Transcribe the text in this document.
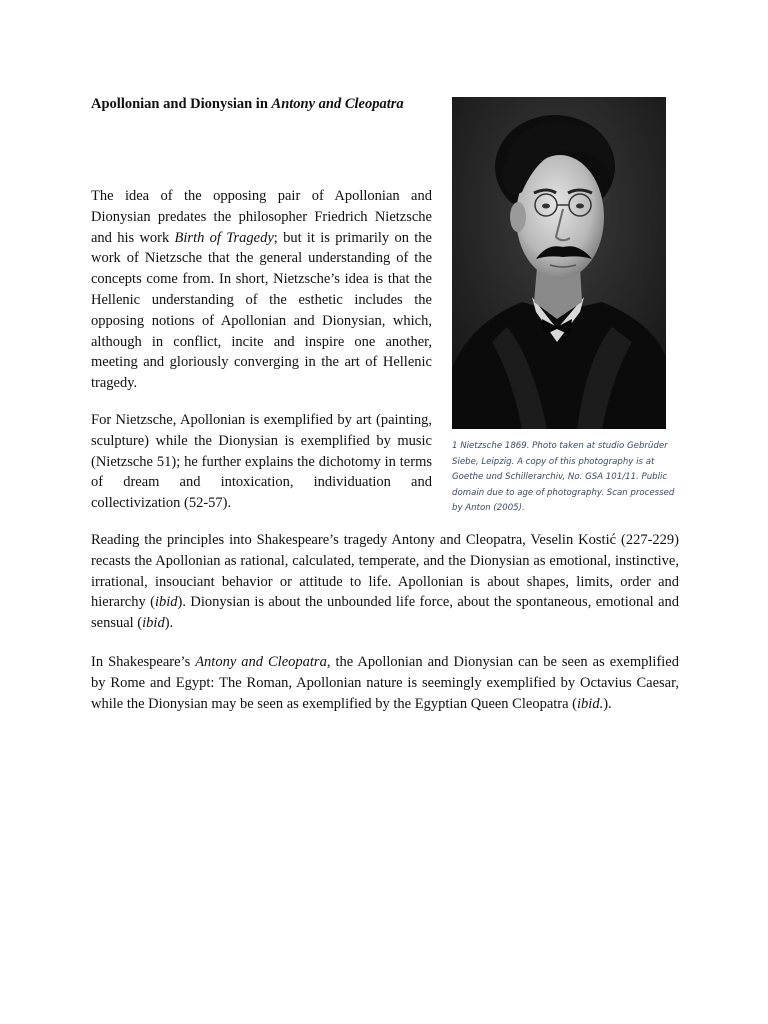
Apollonian and Dionysian in Antony and Cleopatra

The idea of the opposing pair of Apollonian and Dionysian predates the philosopher Friedrich Nietzsche and his work Birth of Tragedy; but it is primarily on the work of Nietzsche that the general understanding of the concepts come from. In short, Nietzsche’s idea is that the Hellenic understanding of the esthetic includes the opposing notions of Apollonian and Dionysian, which, although in conflict, incite and inspire one another, meeting and gloriously converging in the art of Hellenic tragedy.

For Nietzsche, Apollonian is exemplified by art (painting, sculpture) while the Dionysian is exemplified by music (Nietzsche 51); he further explains the dichotomy in terms of dream and intoxication, individuation and collectivization (52-57).

Reading the principles into Shakespeare’s tragedy Antony and Cleopatra, Veselin Kostić (227-229) recasts the Apollonian as rational, calculated, temperate, and the Dionysian as emotional, instinctive, irrational, insouciant behavior or attitude to life. Apollonian is about shapes, limits, order and hierarchy (ibid). Dionysian is about the unbounded life force, about the spontaneous, emotional and sensual (ibid).

In Shakespeare’s Antony and Cleopatra, the Apollonian and Dionysian can be seen as exemplified by Rome and Egypt: The Roman, Apollonian nature is seemingly exemplified by Octavius Caesar, while the Dionysian may be seen as exemplified by the Egyptian Queen Cleopatra (ibid.).

1 Nietzsche 1869. Photo taken at studio Gebrüder Siebe, Leipzig. A copy of this photography is at Goethe und Schillerarchiv, No. GSA 101/11. Public domain due to age of photography. Scan processed by Anton (2005).
